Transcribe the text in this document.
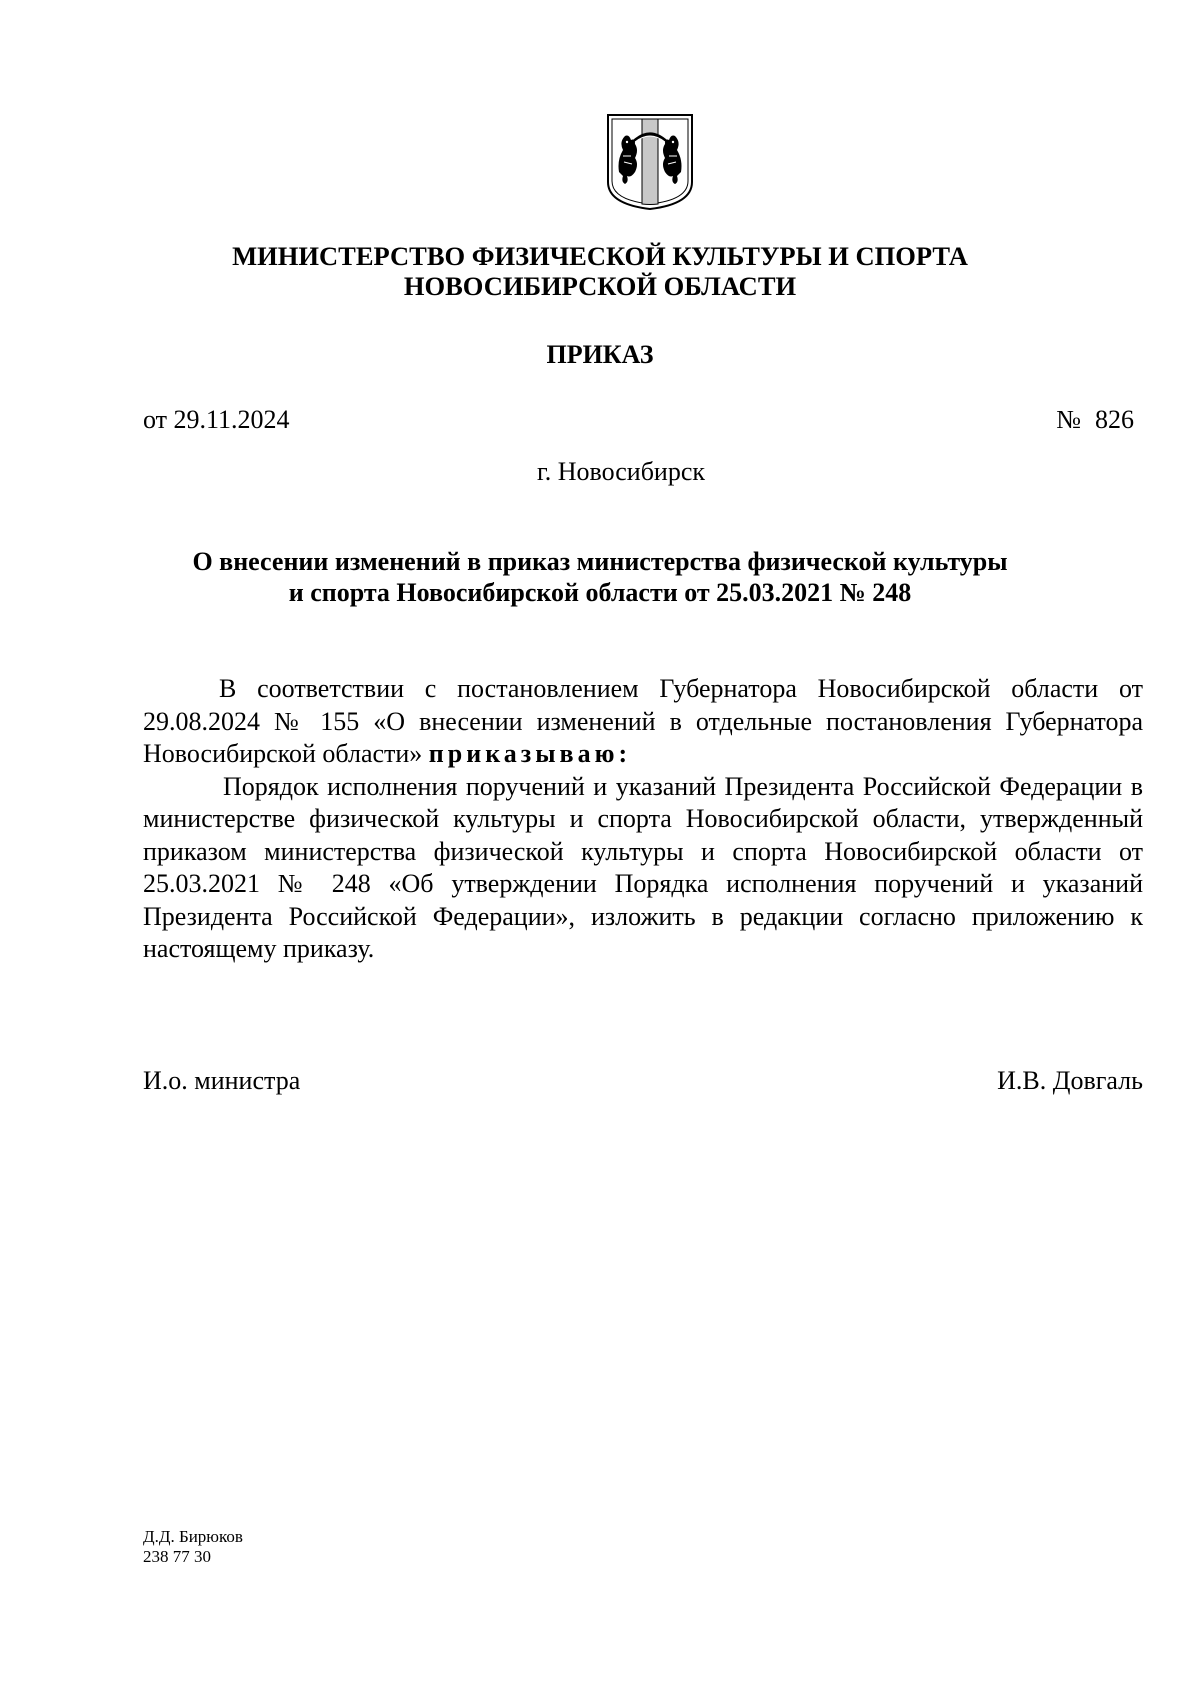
МИНИСТЕРСТВО ФИЗИЧЕСКОЙ КУЛЬТУРЫ И СПОРТА
НОВОСИБИРСКОЙ ОБЛАСТИ
ПРИКАЗ
от 29.11.2024	№ 826
г. Новосибирск
О внесении изменений в приказ министерства физической культуры
и спорта Новосибирской области от 25.03.2021 № 248

В соответствии с постановлением Губернатора Новосибирской области от 29.08.2024 № 155 «О внесении изменений в отдельные постановления Губернатора Новосибирской области» приказываю:

Порядок исполнения поручений и указаний Президента Российской Федерации в министерстве физической культуры и спорта Новосибирской области, утвержденный приказом министерства физической культуры и спорта Новосибирской области от 25.03.2021 № 248 «Об утверждении Порядка исполнения поручений и указаний Президента Российской Федерации», изложить в редакции согласно приложению к настоящему приказу.

И.о. министра	И.В. Довгаль
Д.Д. Бирюков
238 77 30
